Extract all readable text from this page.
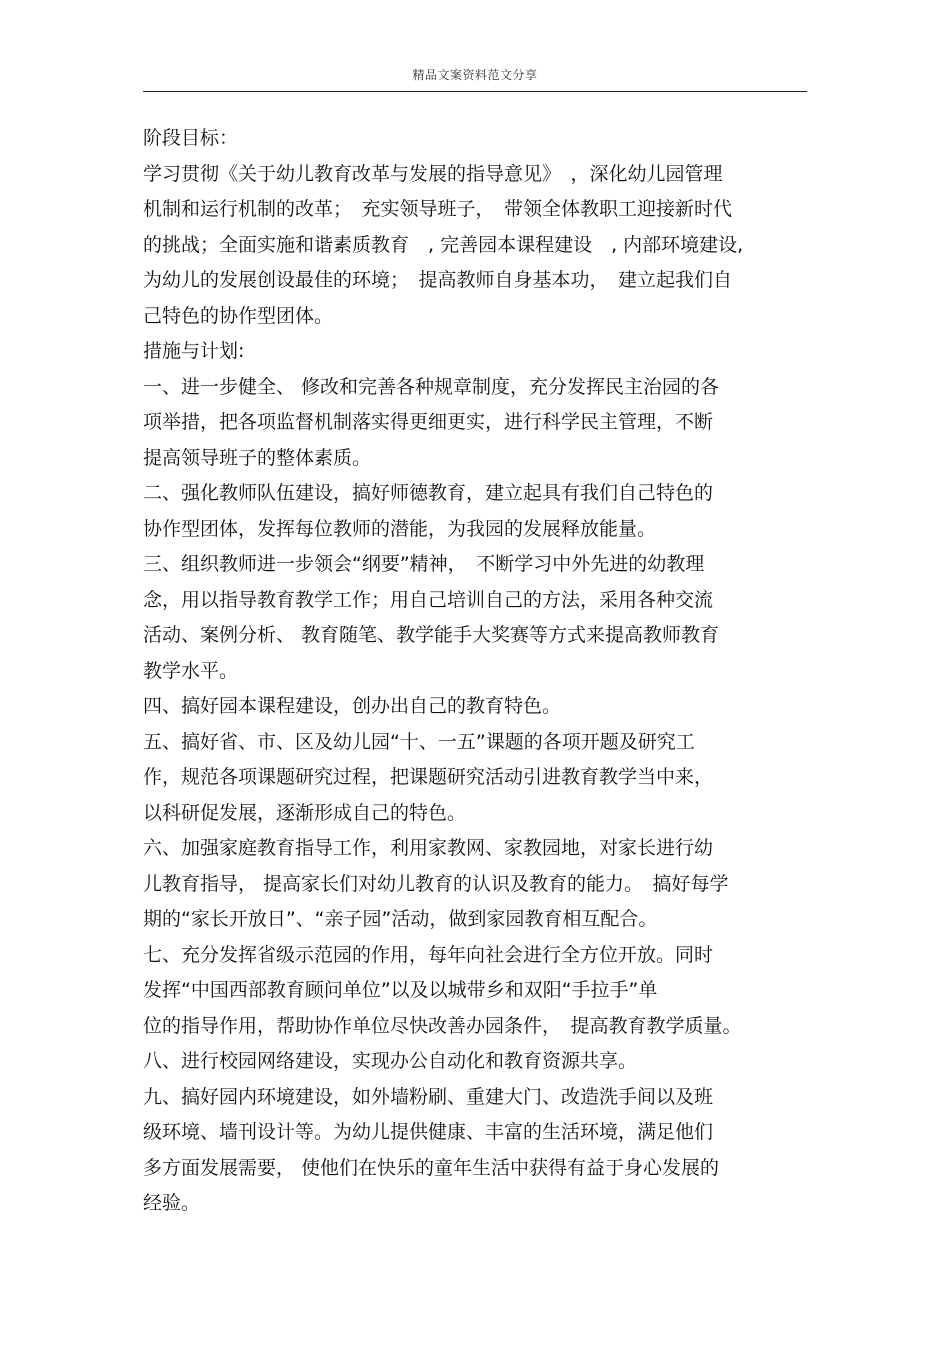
精品文案资料范文分享
阶段目标：
学习贯彻《关于幼儿教育改革与发展的指导意见》　，深化幼儿园管理
机制和运行机制的改革；　充实领导班子，　带领全体教职工迎接新时代
的挑战；全面实施和谐素质教育　, 完善园本课程建设　, 内部环境建设,
为幼儿的发展创设最佳的环境；　提高教师自身基本功，　建立起我们自
己特色的协作型团体。
措施与计划:
一、进一步健全、 修改和完善各种规章制度，充分发挥民主治园的各
项举措，把各项监督机制落实得更细更实，进行科学民主管理，不断
提高领导班子的整体素质。
二、强化教师队伍建设，搞好师德教育，建立起具有我们自己特色的
协作型团体，发挥每位教师的潜能，为我园的发展释放能量。
三、组织教师进一步领会“纲要”精神，　不断学习中外先进的幼教理
念，用以指导教育教学工作；用自己培训自己的方法，采用各种交流
活动、案例分析、 教育随笔、教学能手大奖赛等方式来提高教师教育
教学水平。
四、搞好园本课程建设，创办出自己的教育特色。
五、搞好省、市、区及幼儿园“十、一五”课题的各项开题及研究工
作，规范各项课题研究过程，把课题研究活动引进教育教学当中来，
以科研促发展，逐渐形成自己的特色。
六、加强家庭教育指导工作，利用家教网、家教园地，对家长进行幼
儿教育指导， 提高家长们对幼儿教育的认识及教育的能力。　搞好每学
期的“家长开放日”、“亲子园”活动，做到家园教育相互配合。
七、充分发挥省级示范园的作用，每年向社会进行全方位开放。同时
发挥“中国西部教育顾问单位”以及以城带乡和双阳“手拉手”单
位的指导作用，帮助协作单位尽快改善办园条件，　提高教育教学质量。
八、进行校园网络建设，实现办公自动化和教育资源共享。
九、搞好园内环境建设，如外墙粉刷、重建大门、改造洗手间以及班
级环境、墙刊设计等。为幼儿提供健康、丰富的生活环境，满足他们
多方面发展需要， 使他们在快乐的童年生活中获得有益于身心发展的
经验。
